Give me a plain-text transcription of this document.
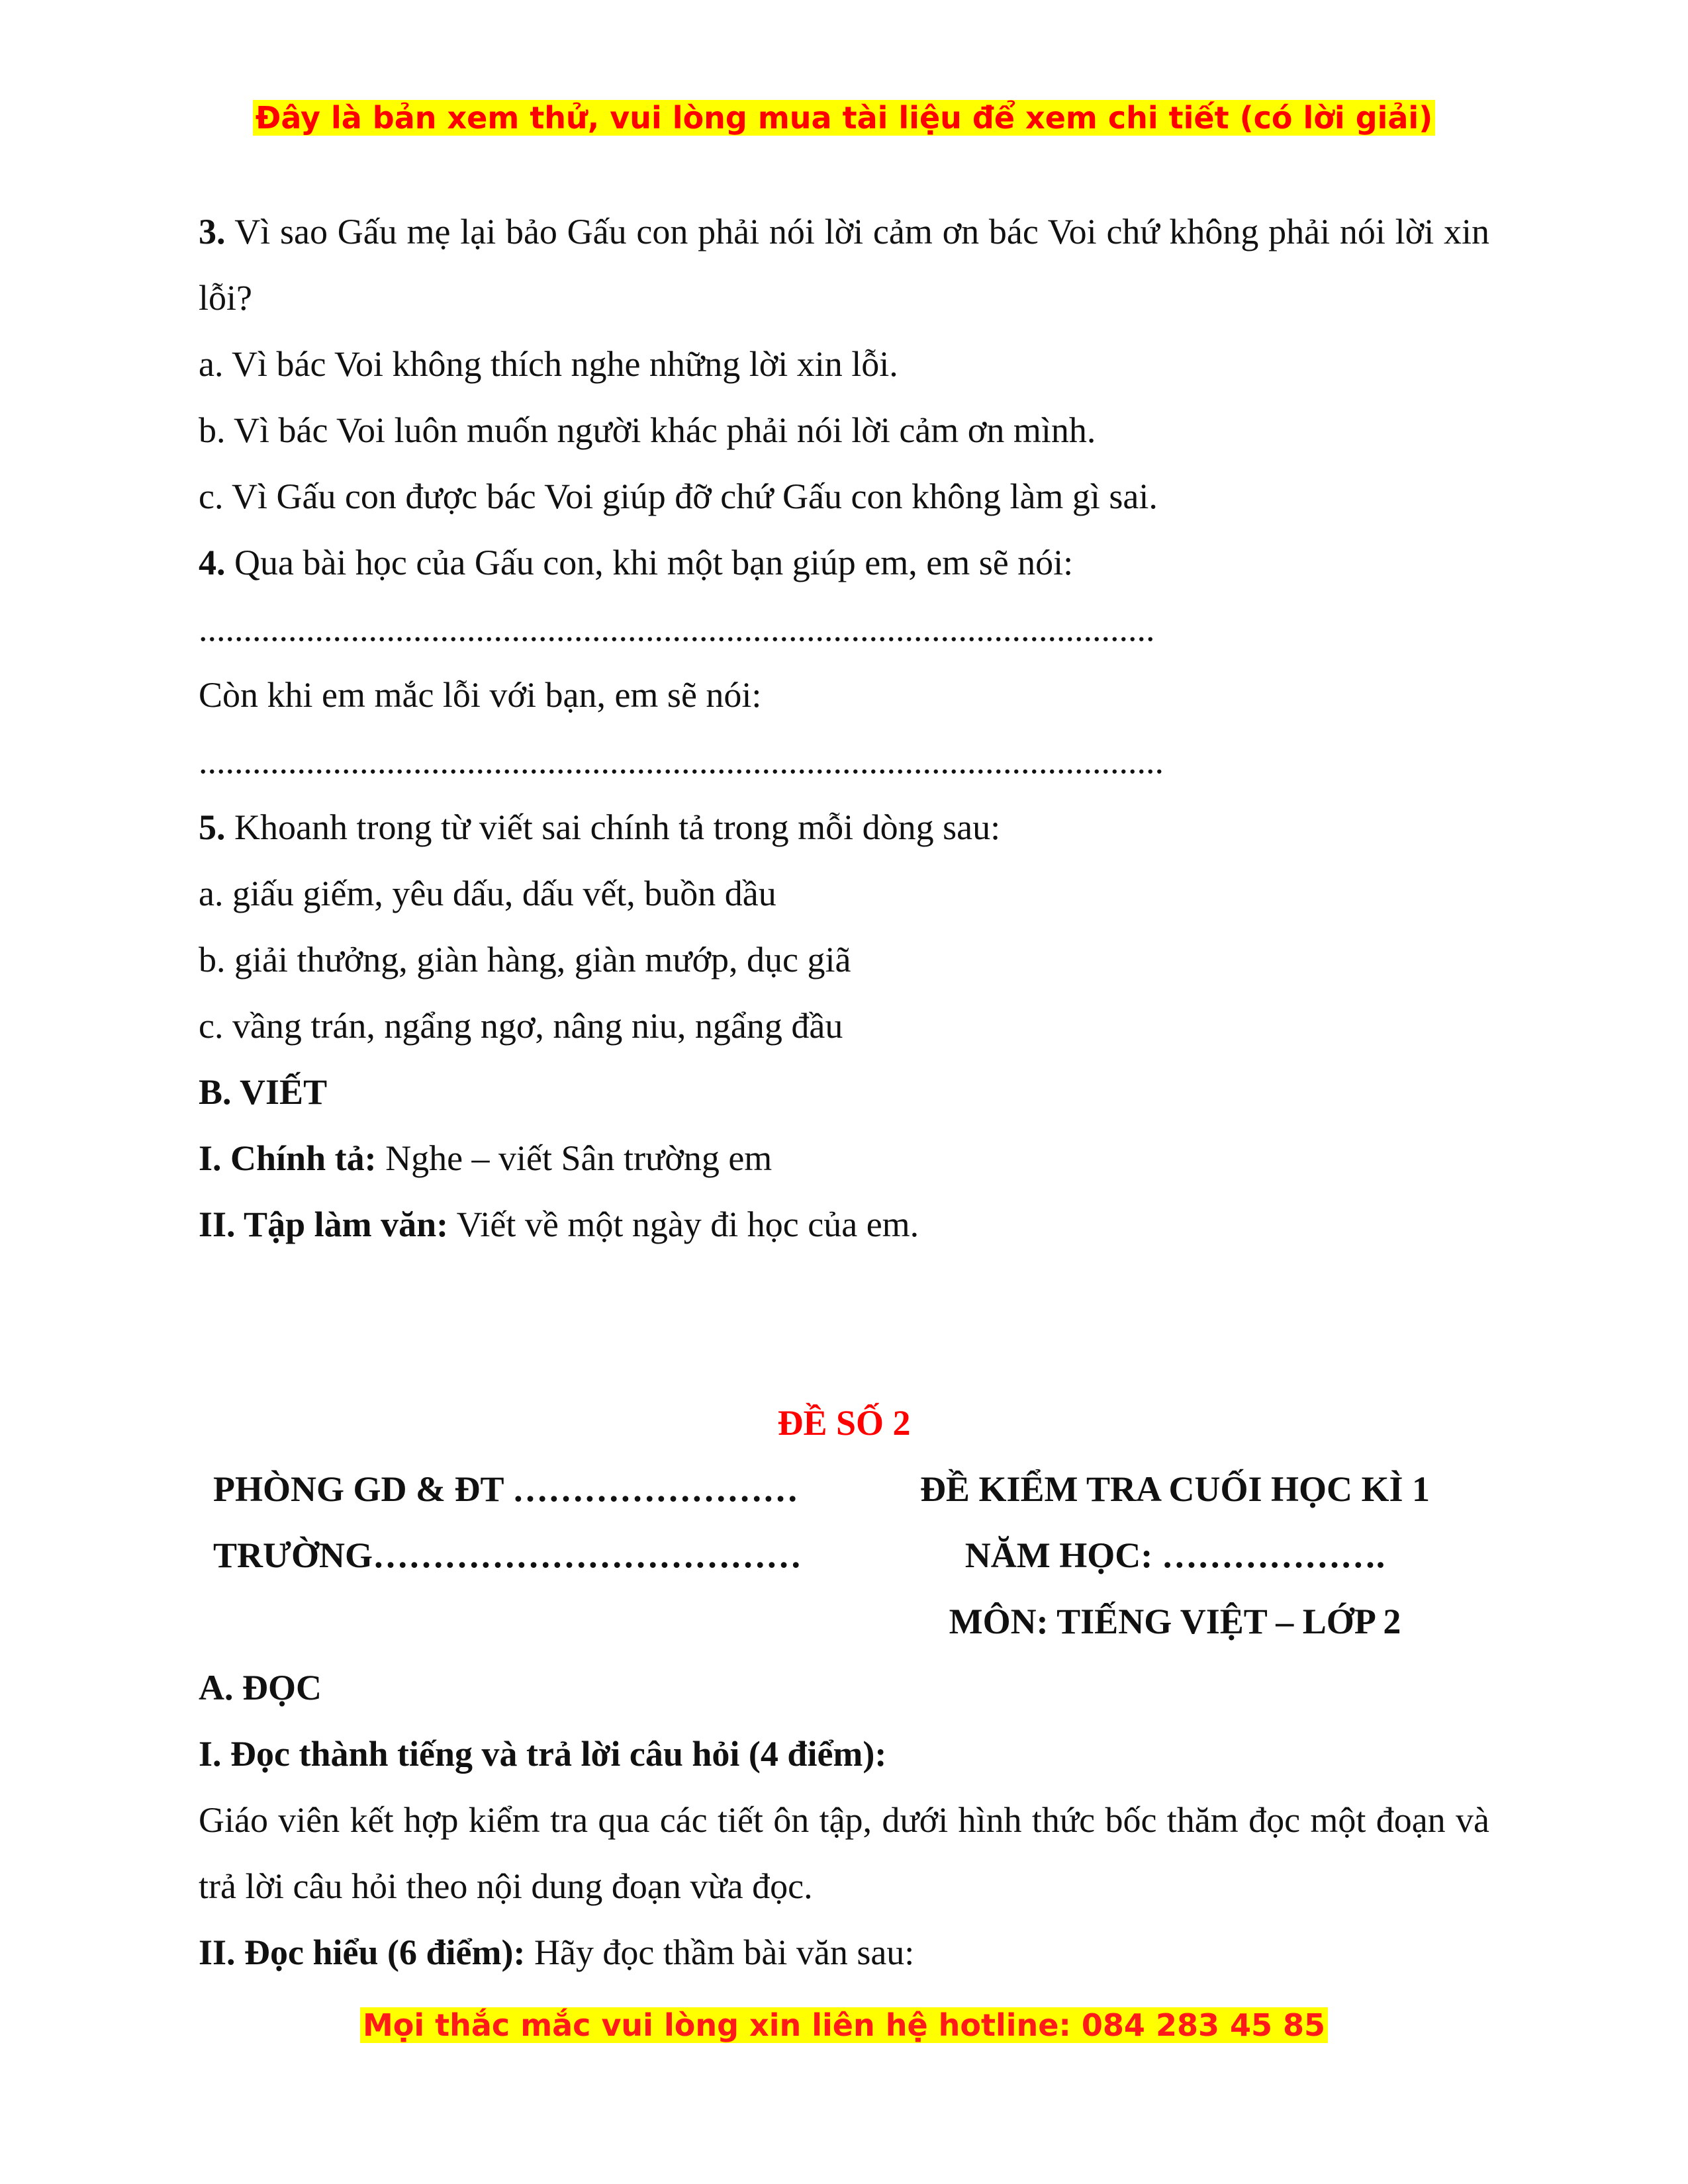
Đây là bản xem thử, vui lòng mua tài liệu để xem chi tiết (có lời giải)

3. Vì sao Gấu mẹ lại bảo Gấu con phải nói lời cảm ơn bác Voi chứ không phải nói lời xin lỗi?

a. Vì bác Voi không thích nghe những lời xin lỗi.

b. Vì bác Voi luôn muốn người khác phải nói lời cảm ơn mình.

c. Vì Gấu con được bác Voi giúp đỡ chứ Gấu con không làm gì sai.

4. Qua bài học của Gấu con, khi một bạn giúp em, em sẽ nói:

...........................................................................................................

Còn khi em mắc lỗi với bạn, em sẽ nói:

............................................................................................................

5. Khoanh trong từ viết sai chính tả trong mỗi dòng sau:

a. giấu giếm, yêu dấu, dấu vết, buồn dầu

b. giải thưởng, giàn hàng, giàn mướp, dục giã

c. vầng trán, ngẩng ngơ, nâng niu, ngẩng đầu

B. VIẾT

I. Chính tả: Nghe – viết Sân trường em

II. Tập làm văn: Viết về một ngày đi học của em.

ĐỀ SỐ 2

PHÒNG GD & ĐT ……………………	ĐỀ KIỂM TRA CUỐI HỌC KÌ 1
TRƯỜNG………………………………	NĂM HỌC: ……………….
MÔN: TIẾNG VIỆT – LỚP 2

A. ĐỌC

I. Đọc thành tiếng và trả lời câu hỏi (4 điểm):

Giáo viên kết hợp kiểm tra qua các tiết ôn tập, dưới hình thức bốc thăm đọc một đoạn và trả lời câu hỏi theo nội dung đoạn vừa đọc.

II. Đọc hiểu (6 điểm): Hãy đọc thầm bài văn sau:

Mọi thắc mắc vui lòng xin liên hệ hotline: 084 283 45 85
